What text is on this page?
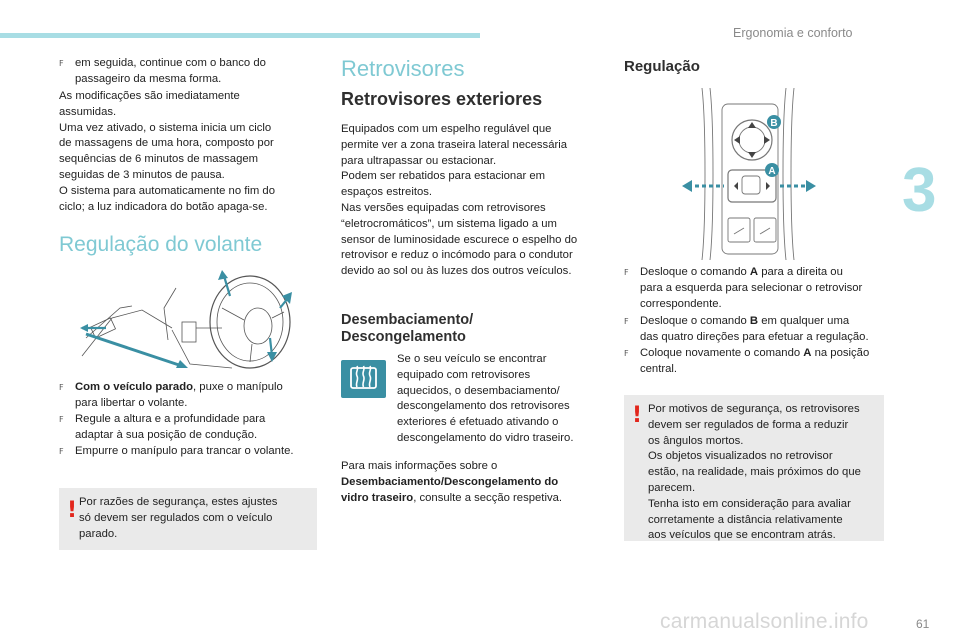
Ergonomia e conforto
3
61
carmanualsonline.info
F em seguida, continue com o banco do
passageiro da mesma forma.
As modificações são imediatamente
assumidas.
Uma vez ativado, o sistema inicia um ciclo
de massagens de uma hora, composto por
sequências de 6 minutos de massagem
seguidas de 3 minutos de pausa.
O sistema para automaticamente no fim do
ciclo; a luz indicadora do botão apaga-se.
Regulação do volante
F Com o veículo parado, puxe o manípulo
para libertar o volante.
F Regule a altura e a profundidade para
adaptar à sua posição de condução.
F Empurre o manípulo para trancar o volante.
! Por razões de segurança, estes ajustes
só devem ser regulados com o veículo
parado.
Retrovisores
Retrovisores exteriores
Equipados com um espelho regulável que
permite ver a zona traseira lateral necessária
para ultrapassar ou estacionar.
Podem ser rebatidos para estacionar em
espaços estreitos.
Nas versões equipadas com retrovisores
“eletrocromáticos”, um sistema ligado a um
sensor de luminosidade escurece o espelho do
retrovisor e reduz o incómodo para o condutor
devido ao sol ou às luzes dos outros veículos.
Desembaciamento/
Descongelamento
Se o seu veículo se encontrar
equipado com retrovisores
aquecidos, o desembaciamento/
descongelamento dos retrovisores
exteriores é efetuado ativando o
descongelamento do vidro traseiro.
Para mais informações sobre o
Desembaciamento/Descongelamento do
vidro traseiro, consulte a secção respetiva.
Regulação
B
A
F Desloque o comando A para a direita ou
para a esquerda para selecionar o retrovisor
correspondente.
F Desloque o comando B em qualquer uma
das quatro direções para efetuar a regulação.
F Coloque novamente o comando A na posição
central.
! Por motivos de segurança, os retrovisores
devem ser regulados de forma a reduzir
os ângulos mortos.
Os objetos visualizados no retrovisor
estão, na realidade, mais próximos do que
parecem.
Tenha isto em consideração para avaliar
corretamente a distância relativamente
aos veículos que se encontram atrás.
